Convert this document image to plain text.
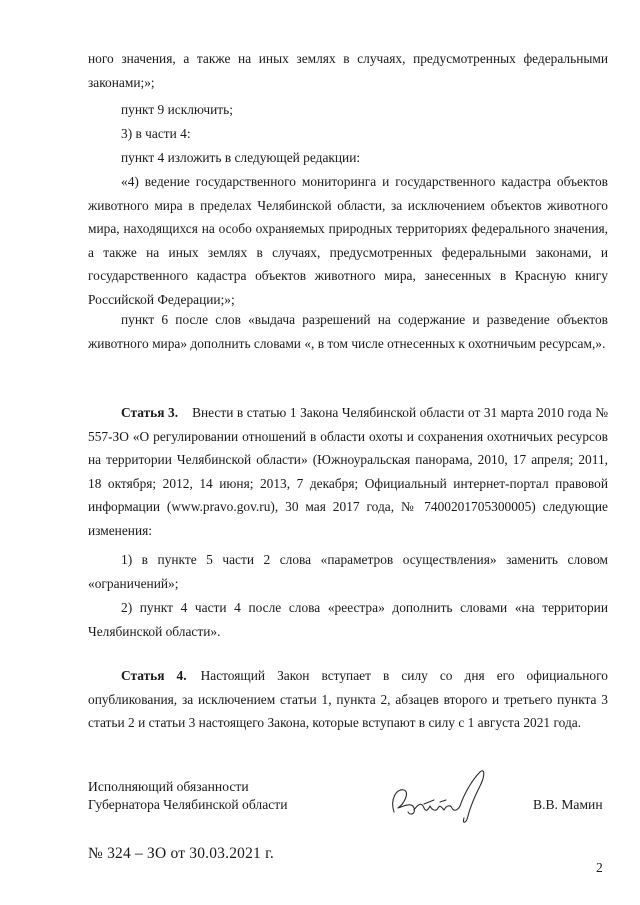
ного значения, а также на иных землях в случаях, предусмотренных федеральными законами;»;

пункт 9 исключить;

3) в части 4:

пункт 4 изложить в следующей редакции:

«4) ведение государственного мониторинга и государственного кадастра объектов животного мира в пределах Челябинской области, за исключением объектов животного мира, находящихся на особо охраняемых природных территориях федерального значения, а также на иных землях в случаях, предусмотренных федеральными законами, и государственного кадастра объектов животного мира, занесенных в Красную книгу Российской Федерации;»;

пункт 6 после слов «выдача разрешений на содержание и разведение объектов животного мира» дополнить словами «, в том числе отнесенных к охотничьим ресурсам,».

Статья 3. Внести в статью 1 Закона Челябинской области от 31 марта 2010 года № 557-ЗО «О регулировании отношений в области охоты и сохранения охотничьих ресурсов на территории Челябинской области» (Южноуральская панорама, 2010, 17 апреля; 2011, 18 октября; 2012, 14 июня; 2013, 7 декабря; Официальный интернет-портал правовой информации (www.pravo.gov.ru), 30 мая 2017 года, № 7400201705300005) следующие изменения:

1) в пункте 5 части 2 слова «параметров осуществления» заменить словом «ограничений»;

2) пункт 4 части 4 после слова «реестра» дополнить словами «на территории Челябинской области».

Статья 4. Настоящий Закон вступает в силу со дня его официального опубликования, за исключением статьи 1, пункта 2, абзацев второго и третьего пункта 3 статьи 2 и статьи 3 настоящего Закона, которые вступают в силу с 1 августа 2021 года.

Исполняющий обязанности
Губернатора Челябинской области	В.В. Мамин
№ 324 – ЗО от 30.03.2021 г.
2
